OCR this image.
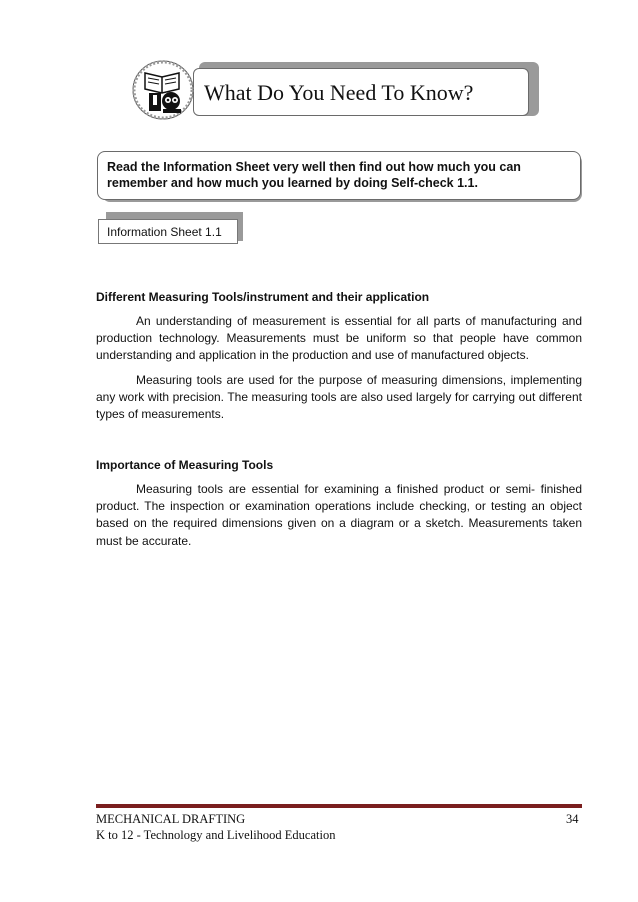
What Do You Need To Know?
Read the Information Sheet very well then find out how much you can
remember and how much you learned by doing Self-check 1.1.
Information Sheet 1.1
Different Measuring Tools/instrument and their application
An understanding of measurement is essential for all parts of manufacturing and production technology. Measurements must be uniform so that people have common understanding and application in the production and use of manufactured objects.
Measuring tools are used for the purpose of measuring dimensions, implementing any work with precision. The measuring tools are also used largely for carrying out different types of measurements.
Importance of Measuring Tools
Measuring tools are essential for examining a finished product or semi- finished product. The inspection or examination operations include checking, or testing an object based on the required dimensions given on a diagram or a sketch. Measurements taken must be accurate.
MECHANICAL DRAFTING	34
K to 12 - Technology and Livelihood Education
